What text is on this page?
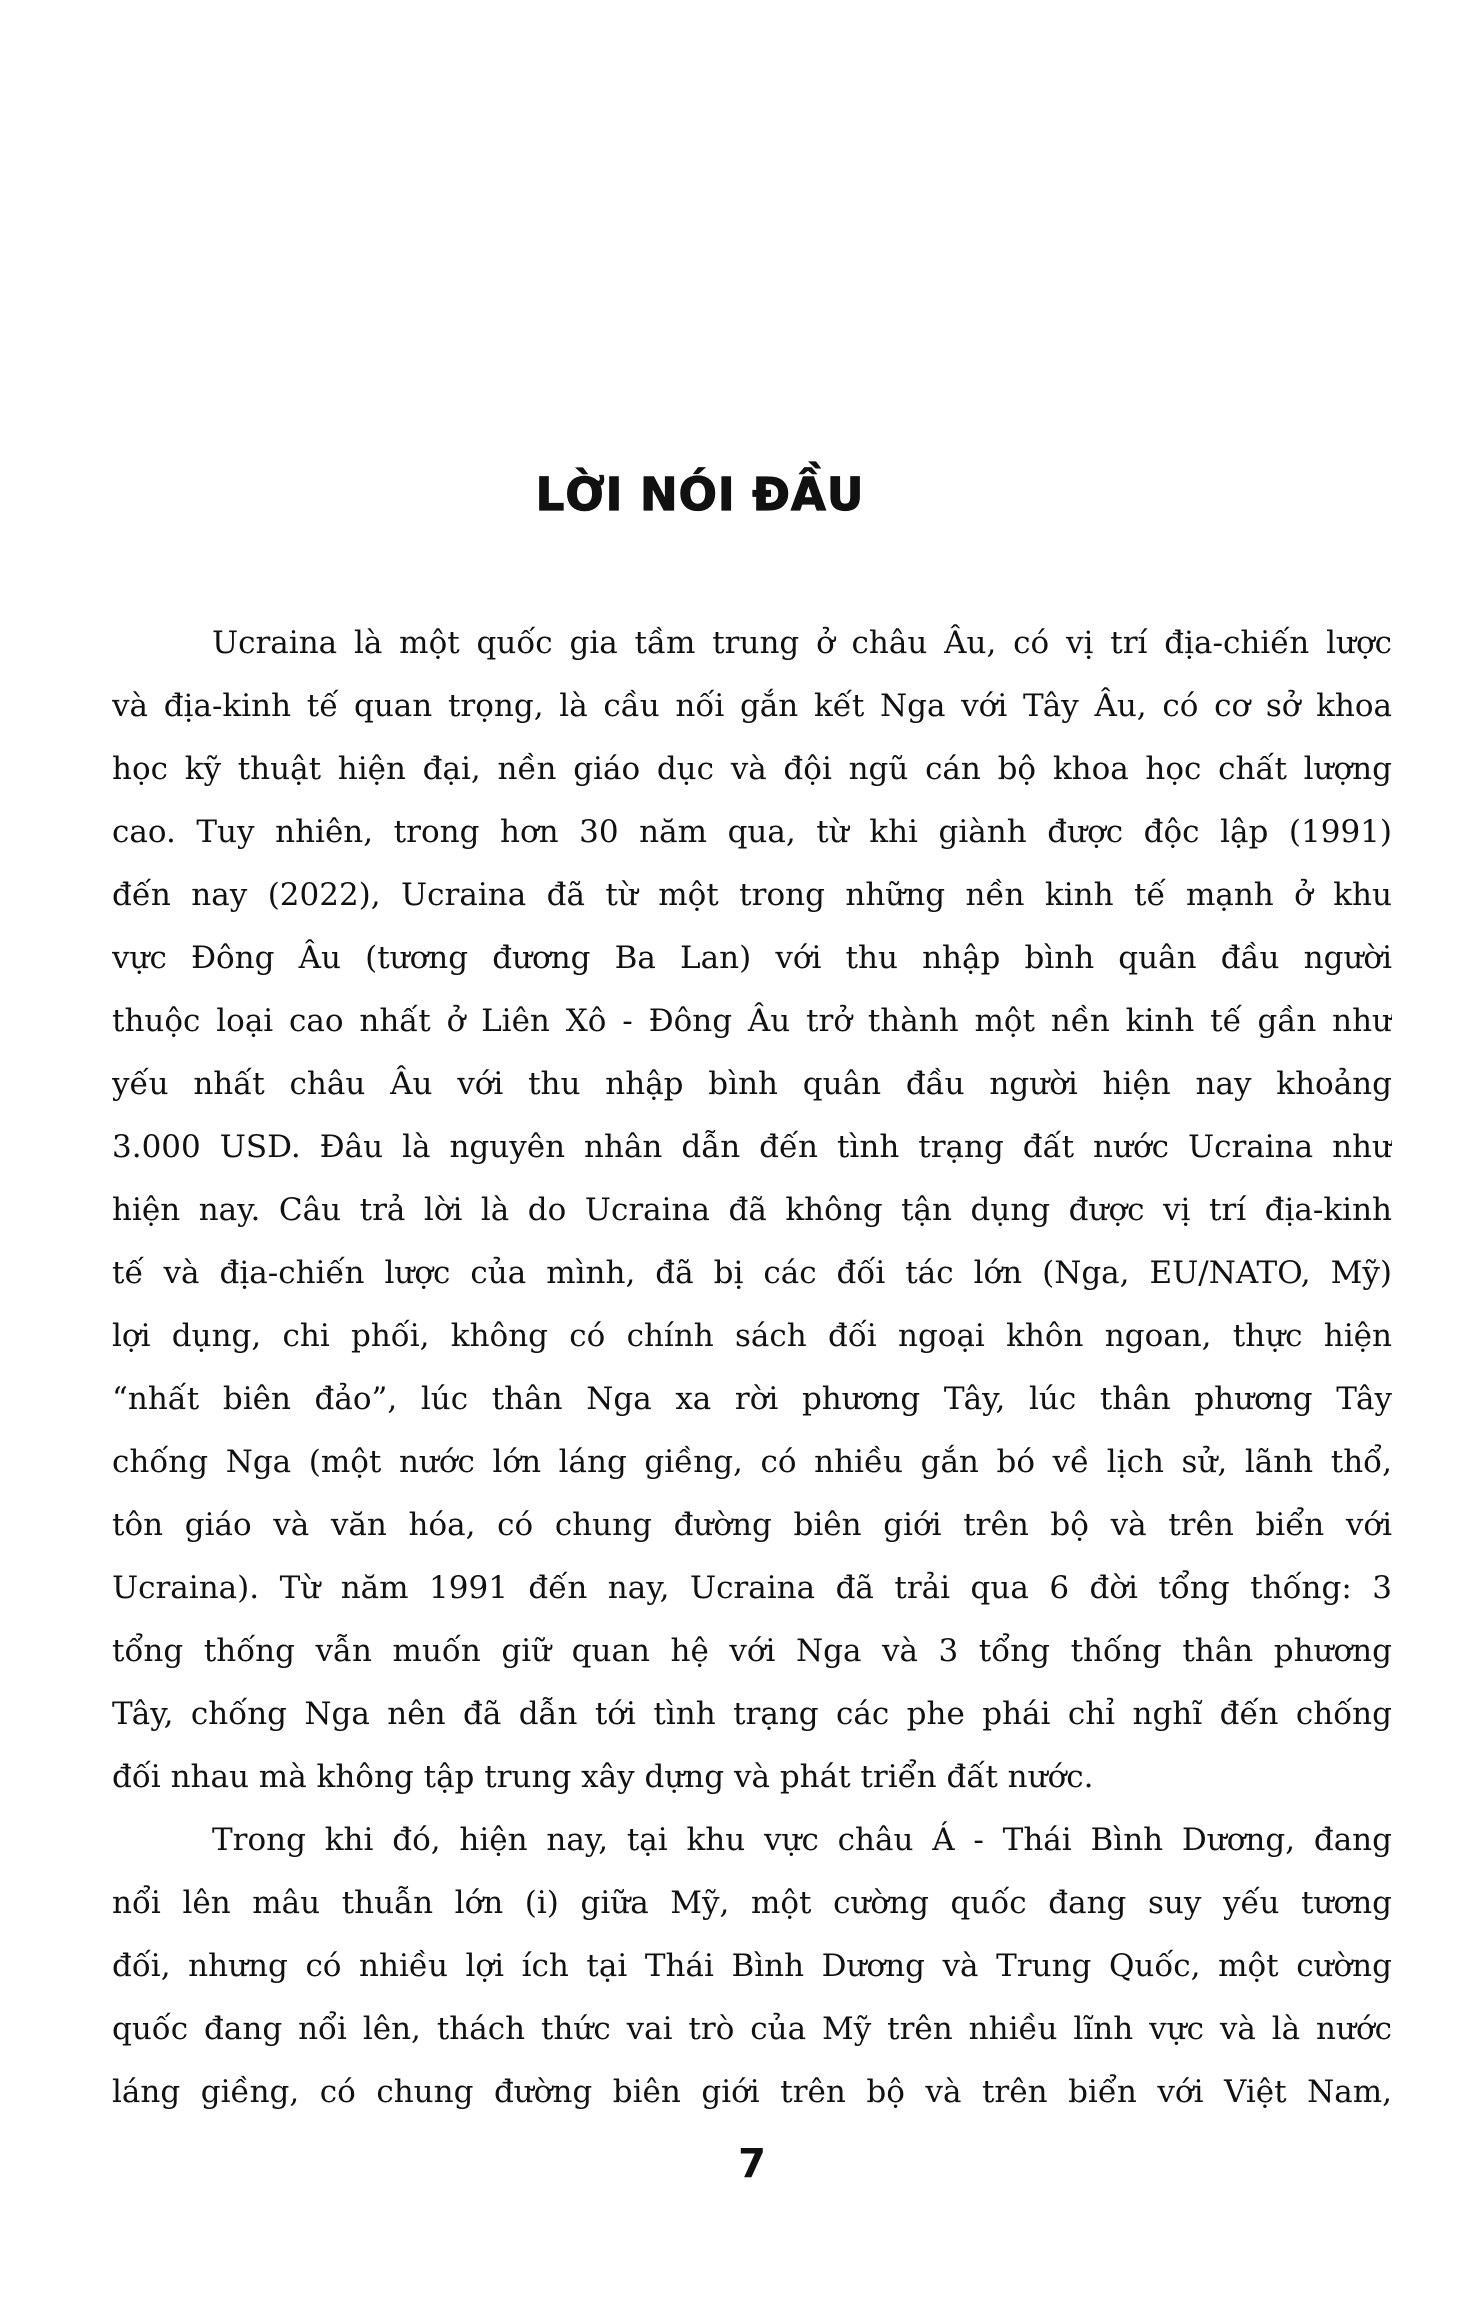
LỜI NÓI ĐẦU
Ucraina là một quốc gia tầm trung ở châu Âu, có vị trí địa-chiến lược
và địa-kinh tế quan trọng, là cầu nối gắn kết Nga với Tây Âu, có cơ sở khoa
học kỹ thuật hiện đại, nền giáo dục và đội ngũ cán bộ khoa học chất lượng
cao. Tuy nhiên, trong hơn 30 năm qua, từ khi giành được độc lập (1991)
đến nay (2022), Ucraina đã từ một trong những nền kinh tế mạnh ở khu
vực Đông Âu (tương đương Ba Lan) với thu nhập bình quân đầu người
thuộc loại cao nhất ở Liên Xô - Đông Âu trở thành một nền kinh tế gần như
yếu nhất châu Âu với thu nhập bình quân đầu người hiện nay khoảng
3.000 USD. Đâu là nguyên nhân dẫn đến tình trạng đất nước Ucraina như
hiện nay. Câu trả lời là do Ucraina đã không tận dụng được vị trí địa-kinh
tế và địa-chiến lược của mình, đã bị các đối tác lớn (Nga, EU/NATO, Mỹ)
lợi dụng, chi phối, không có chính sách đối ngoại khôn ngoan, thực hiện
“nhất biên đảo”, lúc thân Nga xa rời phương Tây, lúc thân phương Tây
chống Nga (một nước lớn láng giềng, có nhiều gắn bó về lịch sử, lãnh thổ,
tôn giáo và văn hóa, có chung đường biên giới trên bộ và trên biển với
Ucraina). Từ năm 1991 đến nay, Ucraina đã trải qua 6 đời tổng thống: 3
tổng thống vẫn muốn giữ quan hệ với Nga và 3 tổng thống thân phương
Tây, chống Nga nên đã dẫn tới tình trạng các phe phái chỉ nghĩ đến chống
đối nhau mà không tập trung xây dựng và phát triển đất nước.
Trong khi đó, hiện nay, tại khu vực châu Á - Thái Bình Dương, đang
nổi lên mâu thuẫn lớn (i) giữa Mỹ, một cường quốc đang suy yếu tương
đối, nhưng có nhiều lợi ích tại Thái Bình Dương và Trung Quốc, một cường
quốc đang nổi lên, thách thức vai trò của Mỹ trên nhiều lĩnh vực và là nước
láng giềng, có chung đường biên giới trên bộ và trên biển với Việt Nam,
7
